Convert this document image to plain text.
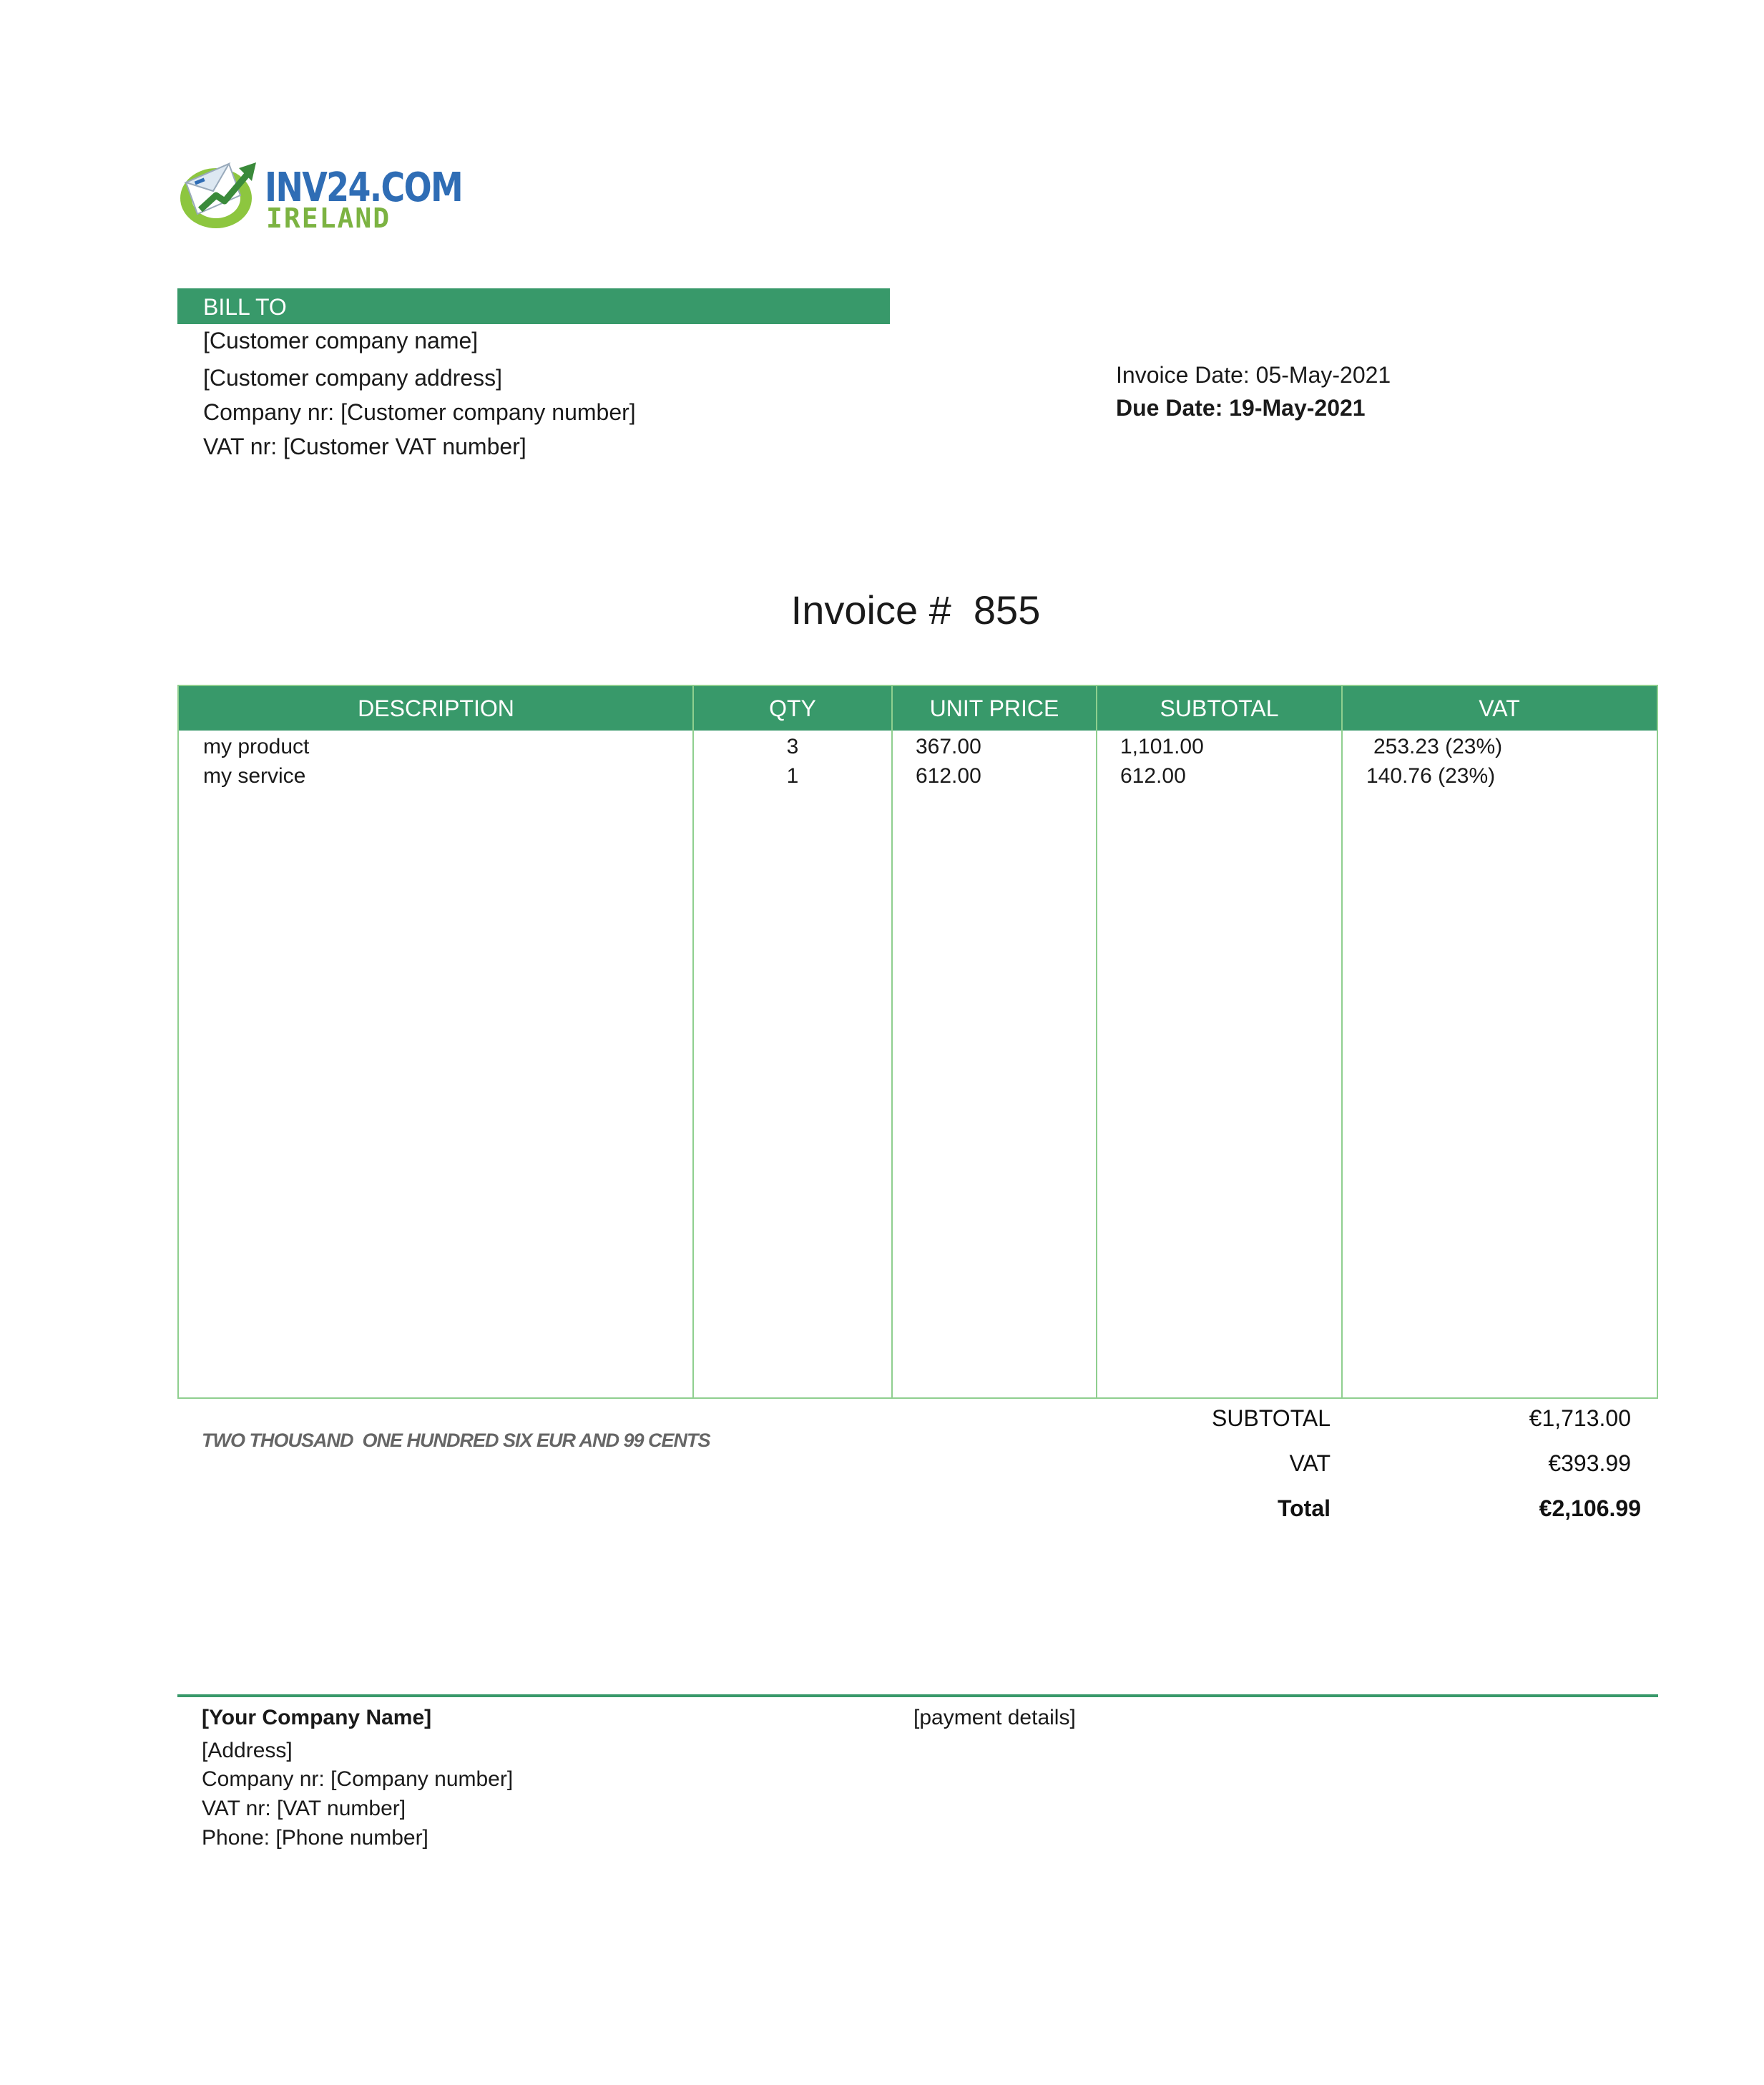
INV24.COM
IRELAND
BILL TO
[Customer company name]
[Customer company address]
Company nr: [Customer company number]
VAT nr: [Customer VAT number]
Invoice Date: 05-May-2021
Due Date: 19-May-2021
Invoice #  855
DESCRIPTION	QTY	UNIT PRICE	SUBTOTAL	VAT
my product	3	367.00	1,101.00	253.23 (23%)
my service	1	612.00	612.00	140.76 (23%)
TWO THOUSAND  ONE HUNDRED SIX EUR AND 99 CENTS
SUBTOTAL	€1,713.00
VAT	€393.99
Total	€2,106.99
[Your Company Name]
[Address]
Company nr: [Company number]
VAT nr: [VAT number]
Phone: [Phone number]
[payment details]
